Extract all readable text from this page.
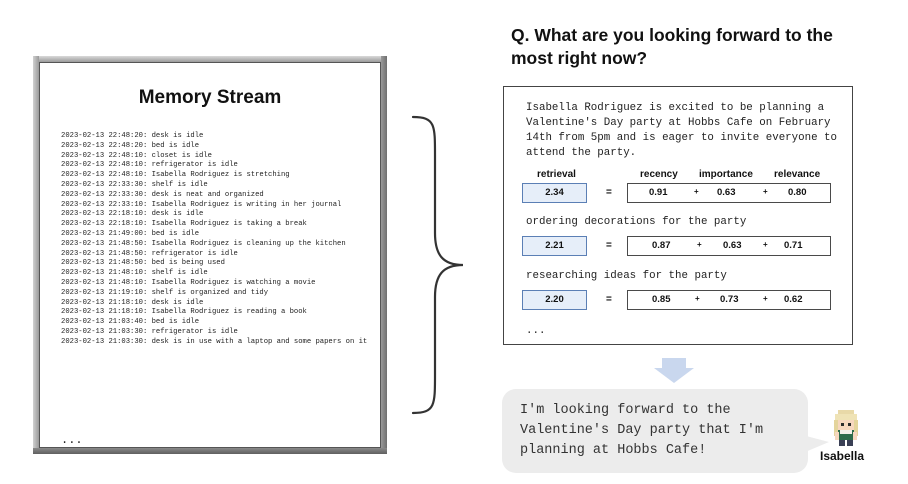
Memory Stream
2023-02-13 22:48:20: desk is idle
2023-02-13 22:48:20: bed is idle
2023-02-13 22:48:10: closet is idle
2023-02-13 22:48:10: refrigerator is idle
2023-02-13 22:48:10: Isabella Rodriguez is stretching
2023-02-13 22:33:30: shelf is idle
2023-02-13 22:33:30: desk is neat and organized
2023-02-13 22:33:10: Isabella Rodriguez is writing in her journal
2023-02-13 22:18:10: desk is idle
2023-02-13 22:18:10: Isabella Rodriguez is taking a break
2023-02-13 21:49:00: bed is idle
2023-02-13 21:48:50: Isabella Rodriguez is cleaning up the kitchen
2023-02-13 21:48:50: refrigerator is idle
2023-02-13 21:48:50: bed is being used
2023-02-13 21:48:10: shelf is idle
2023-02-13 21:48:10: Isabella Rodriguez is watching a movie
2023-02-13 21:19:10: shelf is organized and tidy
2023-02-13 21:18:10: desk is idle
2023-02-13 21:18:10: Isabella Rodriguez is reading a book
2023-02-13 21:03:40: bed is idle
2023-02-13 21:03:30: refrigerator is idle
2023-02-13 21:03:30: desk is in use with a laptop and some papers on it
...
Q. What are you looking forward to the most right now?
Isabella Rodriguez is excited to be planning a Valentine's Day party at Hobbs Cafe on February 14th from 5pm and is eager to invite everyone to attend the party.
retrieval	recency importance relevance
2.34	=	0.91	+ 0.63	+ 0.80
ordering decorations for the party
2.21	=	0.87	+ 0.63	+ 0.71
researching ideas for the party
2.20	=	0.85	+ 0.73	+ 0.62
...
I'm looking forward to the Valentine's Day party that I'm planning at Hobbs Cafe!	Isabella
